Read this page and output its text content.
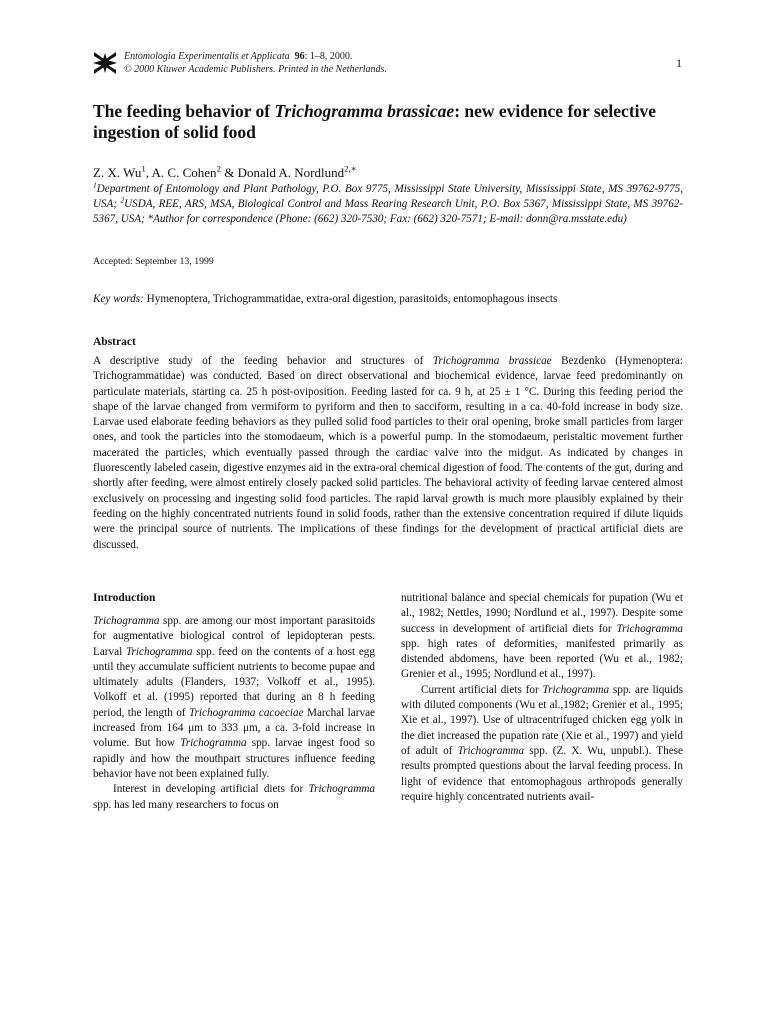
Entomologia Experimentalis et Applicata 96: 1–8, 2000.
© 2000 Kluwer Academic Publishers. Printed in the Netherlands.	1
The feeding behavior of Trichogramma brassicae: new evidence for selective ingestion of solid food
Z. X. Wu$^1$, A. C. Cohen$^2$ & Donald A. Nordlund$^{2,∗}$
$^1$Department of Entomology and Plant Pathology, P.O. Box 9775, Mississippi State University, Mississippi State, MS 39762-9775, USA; $^2$USDA, REE, ARS, MSA, Biological Control and Mass Rearing Research Unit, P.O. Box 5367, Mississippi State, MS 39762-5367, USA; *Author for correspondence (Phone: (662) 320-7530; Fax: (662) 320-7571; E-mail: donn@ra.msstate.edu)
Accepted: September 13, 1999
Key words: Hymenoptera, Trichogrammatidae, extra-oral digestion, parasitoids, entomophagous insects
Abstract

A descriptive study of the feeding behavior and structures of Trichogramma brassicae Bezdenko (Hymenoptera: Trichogrammatidae) was conducted. Based on direct observational and biochemical evidence, larvae feed predominantly on particulate materials, starting ca. 25 h post-oviposition. Feeding lasted for ca. 9 h, at 25 ± 1 °C. During this feeding period the shape of the larvae changed from vermiform to pyriform and then to sacciform, resulting in a ca. 40-fold increase in body size. Larvae used elaborate feeding behaviors as they pulled solid food particles to their oral opening, broke small particles from larger ones, and took the particles into the stomodaeum, which is a powerful pump. In the stomodaeum, peristaltic movement further macerated the particles, which eventually passed through the cardiac valve into the midgut. As indicated by changes in fluorescently labeled casein, digestive enzymes aid in the extra-oral chemical digestion of food. The contents of the gut, during and shortly after feeding, were almost entirely closely packed solid particles. The behavioral activity of feeding larvae centered almost exclusively on processing and ingesting solid food particles. The rapid larval growth is much more plausibly explained by their feeding on the highly concentrated nutrients found in solid foods, rather than the extensive concentration required if dilute liquids were the principal source of nutrients. The implications of these findings for the development of practical artificial diets are discussed.

Introduction

Trichogramma spp. are among our most important parasitoids for augmentative biological control of lepidopteran pests. Larval Trichogramma spp. feed on the contents of a host egg until they accumulate sufficient nutrients to become pupae and ultimately adults (Flanders, 1937; Volkoff et al., 1995). Volkoff et al. (1995) reported that during an 8 h feeding period, the length of Trichogramma cacoeciae Marchal larvae increased from 164 μm to 333 μm, a ca. 3-fold increase in volume. But how Trichogramma spp. larvae ingest food so rapidly and how the mouthpart structures influence feeding behavior have not been explained fully.

Interest in developing artificial diets for Trichogramma spp. has led many researchers to focus on

nutritional balance and special chemicals for pupation (Wu et al., 1982; Nettles, 1990; Nordlund et al., 1997). Despite some success in development of artificial diets for Trichogramma spp. high rates of deformities, manifested primarily as distended abdomens, have been reported (Wu et al., 1982; Grenier et al., 1995; Nordlund et al., 1997).

Current artificial diets for Trichogramma spp. are liquids with diluted components (Wu et al.,1982; Grenier et al., 1995; Xie et al., 1997). Use of ultracentrifuged chicken egg yolk in the diet increased the pupation rate (Xie et al., 1997) and yield of adult of Trichogramma spp. (Z. X. Wu, unpubl.). These results prompted questions about the larval feeding process. In light of evidence that entomophagous arthropods generally require highly concentrated nutrients avail-
